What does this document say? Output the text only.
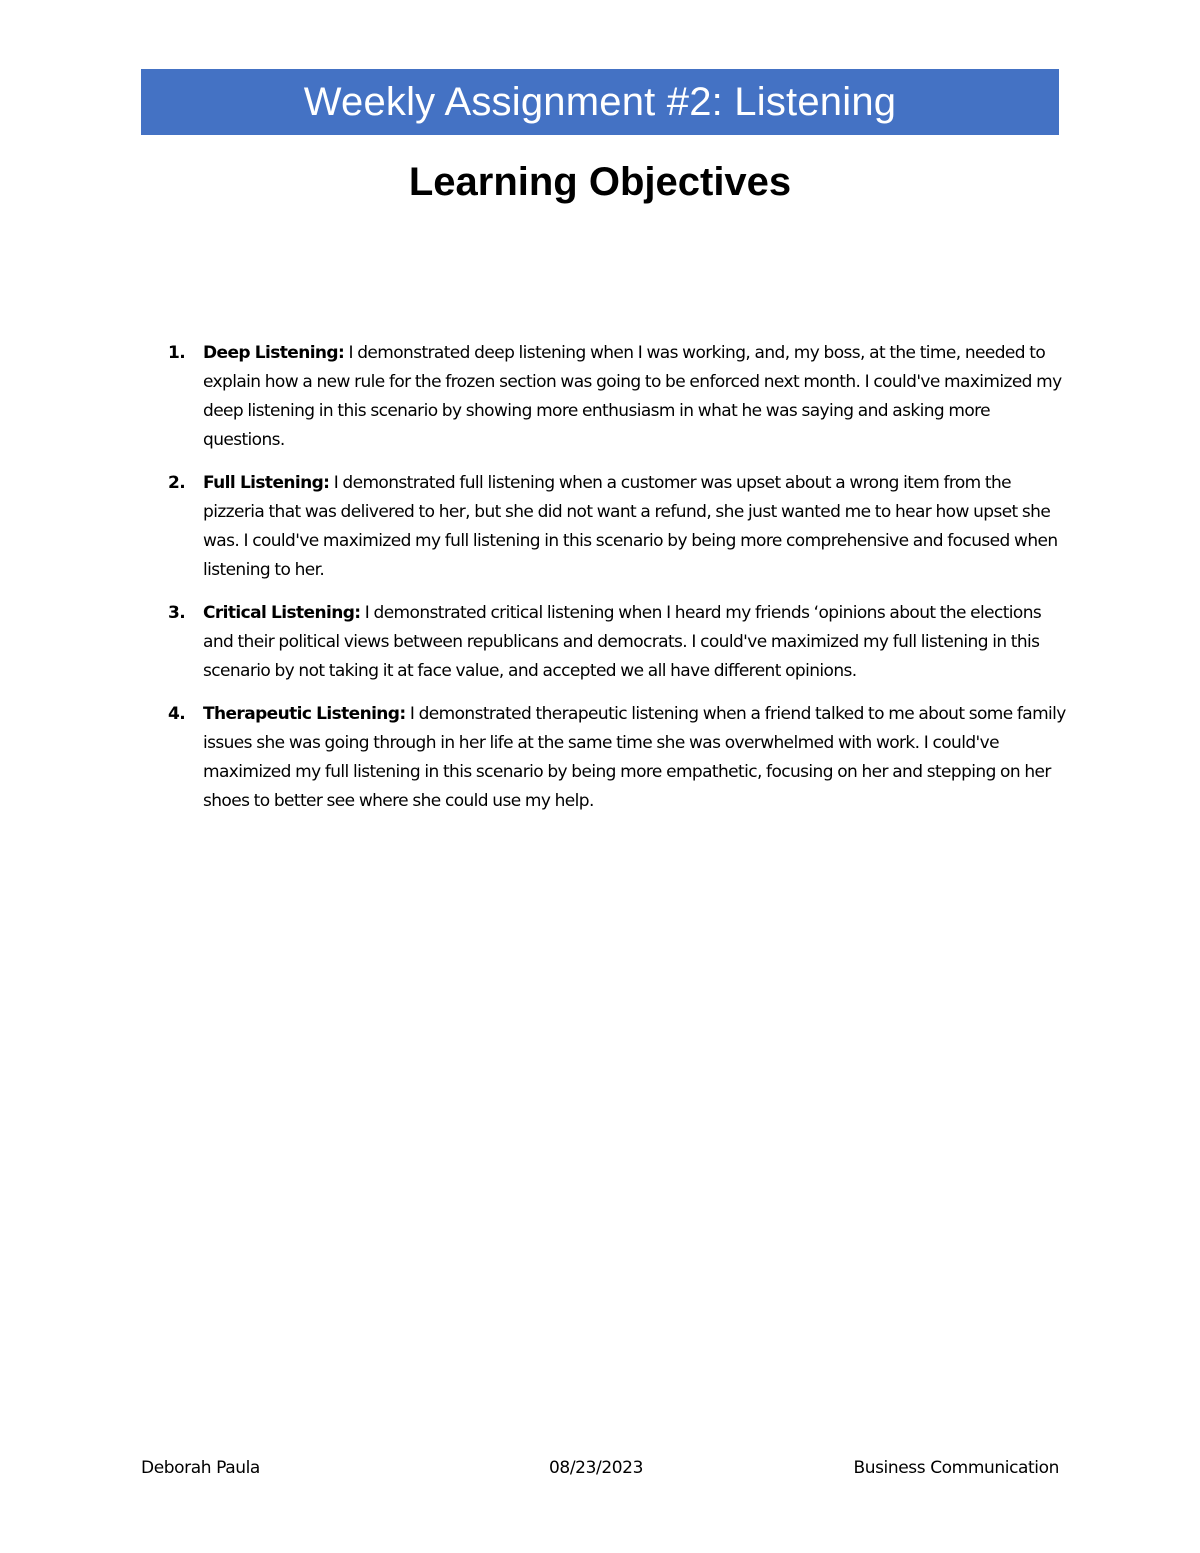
Weekly Assignment #2: Listening
Learning Objectives
1. Deep Listening: I demonstrated deep listening when I was working, and, my boss, at the time, needed to explain how a new rule for the frozen section was going to be enforced next month. I could've maximized my deep listening in this scenario by showing more enthusiasm in what he was saying and asking more questions.
2. Full Listening: I demonstrated full listening when a customer was upset about a wrong item from the pizzeria that was delivered to her, but she did not want a refund, she just wanted me to hear how upset she was. I could've maximized my full listening in this scenario by being more comprehensive and focused when listening to her.
3. Critical Listening: I demonstrated critical listening when I heard my friends ‘opinions about the elections and their political views between republicans and democrats. I could've maximized my full listening in this scenario by not taking it at face value, and accepted we all have different opinions.
4. Therapeutic Listening: I demonstrated therapeutic listening when a friend talked to me about some family issues she was going through in her life at the same time she was overwhelmed with work. I could've maximized my full listening in this scenario by being more empathetic, focusing on her and stepping on her shoes to better see where she could use my help.
Deborah Paula	08/23/2023	Business Communication
